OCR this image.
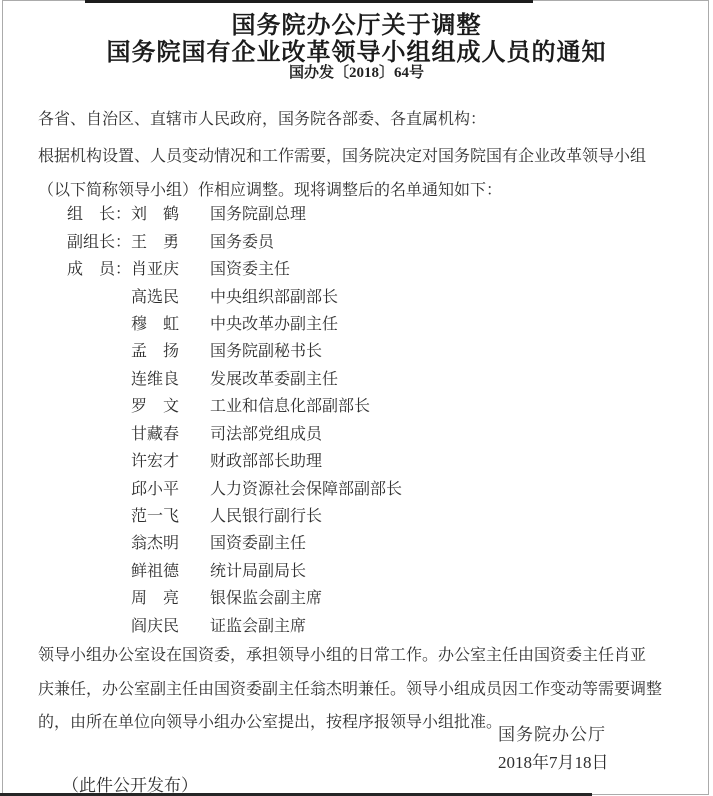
国务院办公厅关于调整
国务院国有企业改革领导小组组成人员的通知
国办发〔2018〕64号
各省、自治区、直辖市人民政府，国务院各部委、各直属机构：
根据机构设置、人员变动情况和工作需要，国务院决定对国务院国有企业改革领导小组
（以下简称领导小组）作相应调整。现将调整后的名单通知如下：
组　长： 刘　鹤	国务院副总理
副组长： 王　勇	国务委员
成　员： 肖亚庆	国资委主任
高选民	中央组织部副部长
穆　虹	中央改革办副主任
孟　扬	国务院副秘书长
连维良	发展改革委副主任
罗　文	工业和信息化部副部长
甘藏春	司法部党组成员
许宏才	财政部部长助理
邱小平	人力资源社会保障部副部长
范一飞	人民银行副行长
翁杰明	国资委副主任
鲜祖德	统计局副局长
周　亮	银保监会副主席
阎庆民	证监会副主席
领导小组办公室设在国资委，承担领导小组的日常工作。办公室主任由国资委主任肖亚
庆兼任，办公室副主任由国资委副主任翁杰明兼任。领导小组成员因工作变动等需要调整
的，由所在单位向领导小组办公室提出，按程序报领导小组批准。
国务院办公厅
2018年7月18日
（此件公开发布）
